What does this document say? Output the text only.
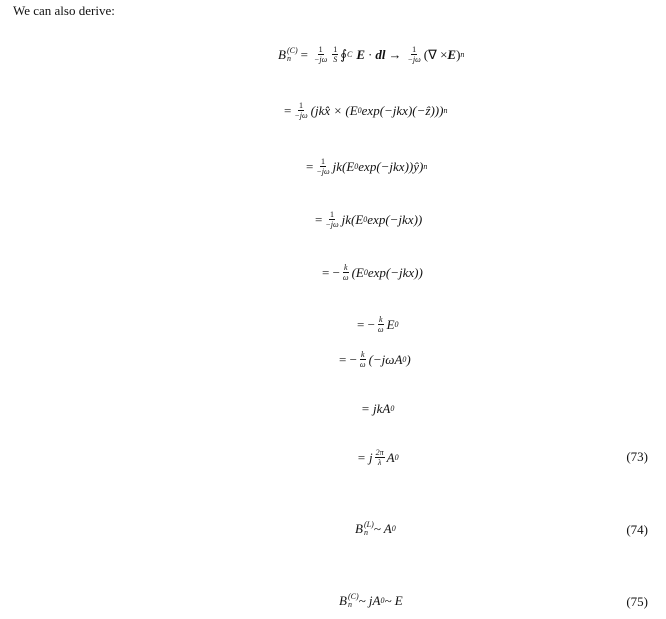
We can also derive:
B (C)
$n = \frac{1}{-j\omega} \frac{1}{S}$ ∮ C E · dl → $\frac{1}{-j\omega}$ (∇ × E ) n
= $\frac{1}{-j\omega}$ (jkx̂ × (E 0 exp(−jkx)(−ẑ))) n
= $\frac{1}{-j\omega} jk(E$ 0 exp(−jkx))ŷ) n
= $\frac{1}{-j\omega} jk(E$ 0 exp(−jkx))
= − $\frac{k}{\omega} (E$ 0 exp(−jkx))
= − $\frac{k}{\omega}$ E 0
= − $\frac{k}{\omega} (-j\omega A$ 0 )
= jkA 0
= j $\frac{2\pi}{\lambda}$ A 0	(73)
B (L)
n ~ A 0	(74)
B (C)
n ~ jA 0 ~ E	(75)
